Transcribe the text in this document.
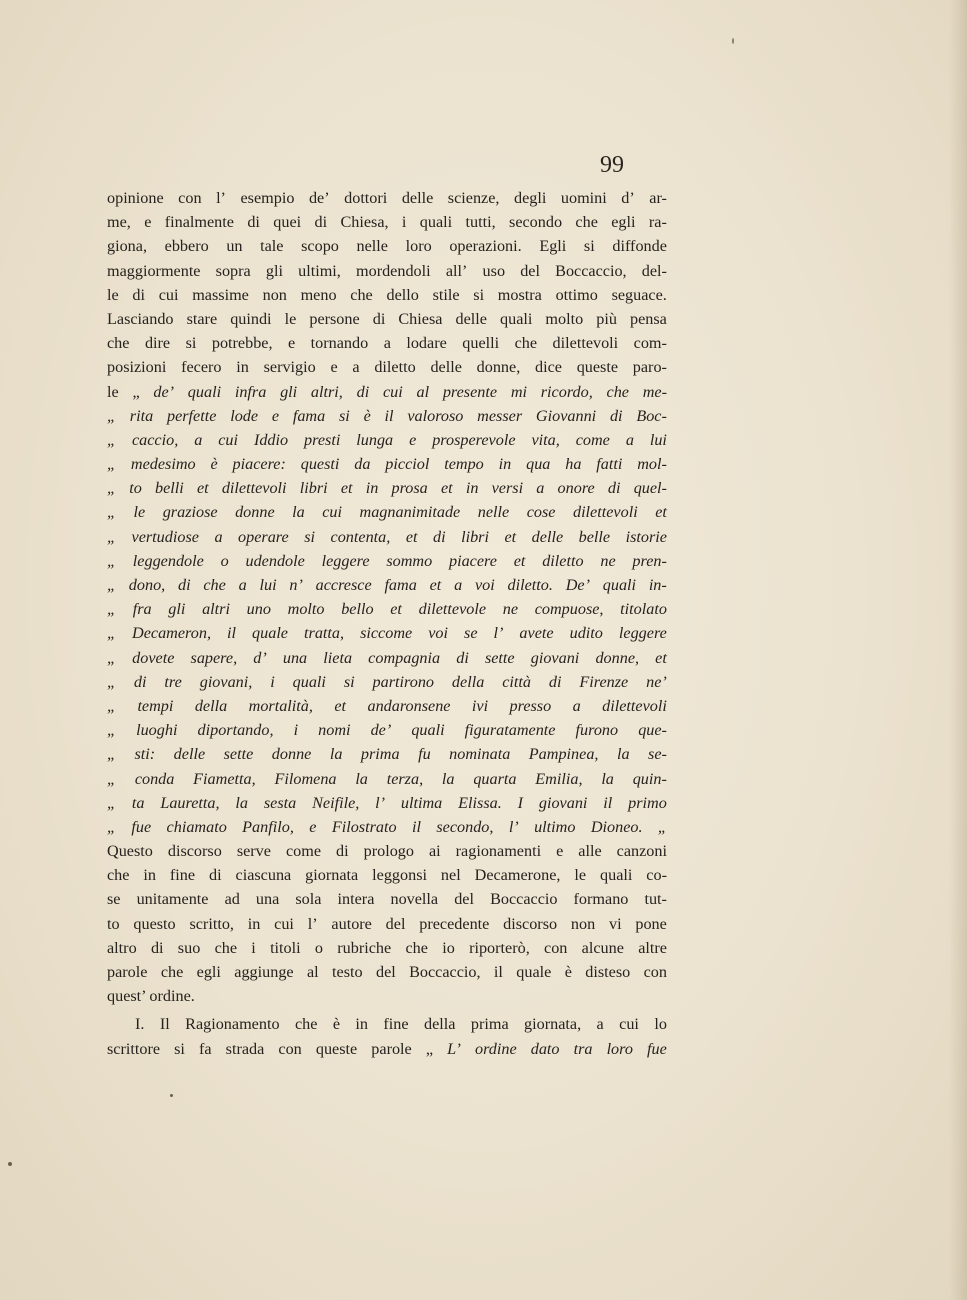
99

opinione con l’ esempio de’ dottori delle scienze, degli uomini d’ ar-
me, e finalmente di quei di Chiesa, i quali tutti, secondo che egli ra-
giona, ebbero un tale scopo nelle loro operazioni. Egli si diffonde
maggiormente sopra gli ultimi, mordendoli all’ uso del Boccaccio, del-
le di cui massime non meno che dello stile si mostra ottimo seguace.
Lasciando stare quindi le persone di Chiesa delle quali molto più pensa
che dire si potrebbe, e tornando a lodare quelli che dilettevoli com-
posizioni fecero in servigio e a diletto delle donne, dice queste paro-
le „ de’ quali infra gli altri, di cui al presente mi ricordo, che me-
„ rita perfette lode e fama si è il valoroso messer Giovanni di Boc-
„ caccio, a cui Iddio presti lunga e prosperevole vita, come a lui
„ medesimo è piacere: questi da picciol tempo in qua ha fatti mol-
„ to belli et dilettevoli libri et in prosa et in versi a onore di quel-
„ le graziose donne la cui magnanimitade nelle cose dilettevoli et
„ vertudiose a operare si contenta, et di libri et delle belle istorie
„ leggendole o udendole leggere sommo piacere et diletto ne pren-
„ dono, di che a lui n’ accresce fama et a voi diletto. De’ quali in-
„ fra gli altri uno molto bello et dilettevole ne compuose, titolato
„ Decameron, il quale tratta, siccome voi se l’ avete udito leggere
„ dovete sapere, d’ una lieta compagnia di sette giovani donne, et
„ di tre giovani, i quali si partirono della città di Firenze ne’
„ tempi della mortalità, et andaronsene ivi presso a dilettevoli
„ luoghi diportando, i nomi de’ quali figuratamente furono que-
„ sti: delle sette donne la prima fu nominata Pampinea, la se-
„ conda Fiametta, Filomena la terza, la quarta Emilia, la quin-
„ ta Lauretta, la sesta Neifile, l’ ultima Elissa. I giovani il primo
„ fue chiamato Panfilo, e Filostrato il secondo, l’ ultimo Dioneo. „
Questo discorso serve come di prologo ai ragionamenti e alle canzoni
che in fine di ciascuna giornata leggonsi nel Decamerone, le quali co-
se unitamente ad una sola intera novella del Boccaccio formano tut-
to questo scritto, in cui l’ autore del precedente discorso non vi pone
altro di suo che i titoli o rubriche che io riporterò, con alcune altre
parole che egli aggiunge al testo del Boccaccio, il quale è disteso con
quest’ ordine.
I. Il Ragionamento che è in fine della prima giornata, a cui lo
scrittore si fa strada con queste parole „ L’ ordine dato tra loro fue
